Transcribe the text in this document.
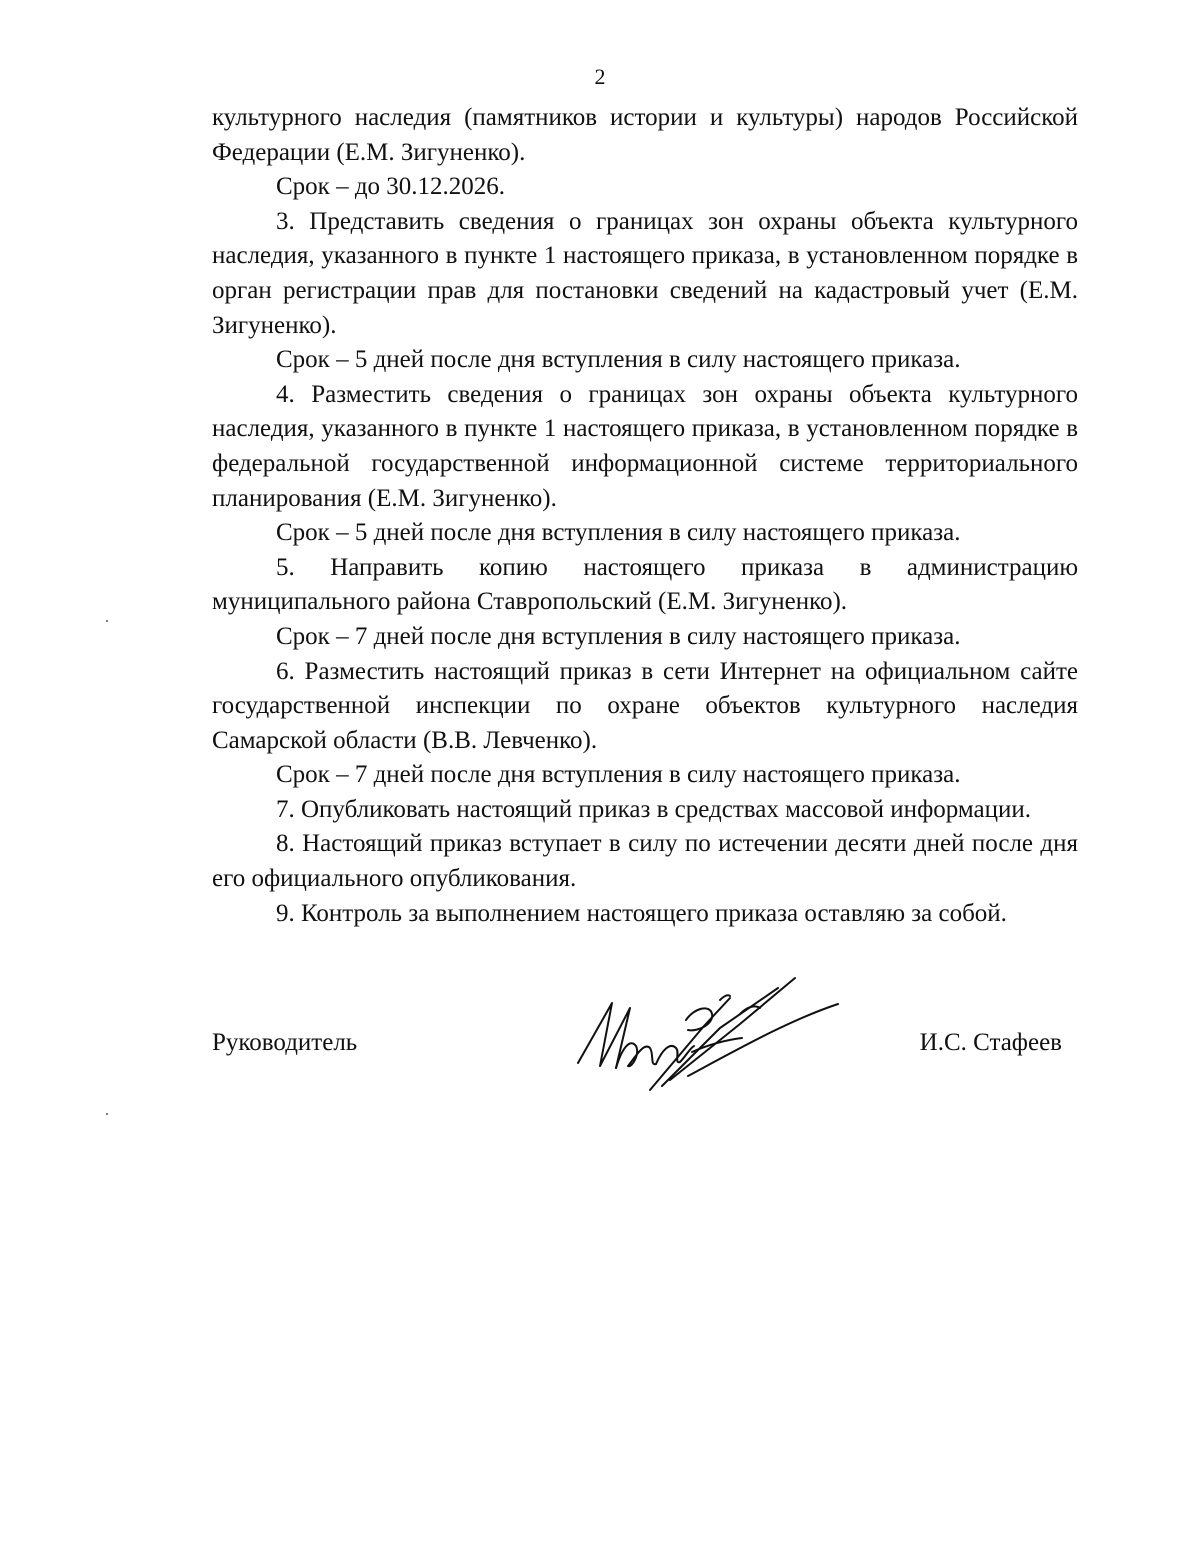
2

культурного наследия (памятников истории и культуры) народов Российской Федерации (Е.М. Зигуненко).

Срок – до 30.12.2026.

3. Представить сведения о границах зон охраны объекта культурного наследия, указанного в пункте 1 настоящего приказа, в установленном порядке в орган регистрации прав для постановки сведений на кадастровый учет (Е.М. Зигуненко).

Срок – 5 дней после дня вступления в силу настоящего приказа.

4. Разместить сведения о границах зон охраны объекта культурного наследия, указанного в пункте 1 настоящего приказа, в установленном порядке в федеральной государственной информационной системе территориального планирования (Е.М. Зигуненко).

Срок – 5 дней после дня вступления в силу настоящего приказа.

5. Направить копию настоящего приказа в администрацию муниципального района Ставропольский (Е.М. Зигуненко).

Срок – 7 дней после дня вступления в силу настоящего приказа.

6. Разместить настоящий приказ в сети Интернет на официальном сайте государственной инспекции по охране объектов культурного наследия Самарской области (В.В. Левченко).

Срок – 7 дней после дня вступления в силу настоящего приказа.

7. Опубликовать настоящий приказ в средствах массовой информации.

8. Настоящий приказ вступает в силу по истечении десяти дней после дня его официального опубликования.

9. Контроль за выполнением настоящего приказа оставляю за собой.

Руководитель	И.С. Стафеев
